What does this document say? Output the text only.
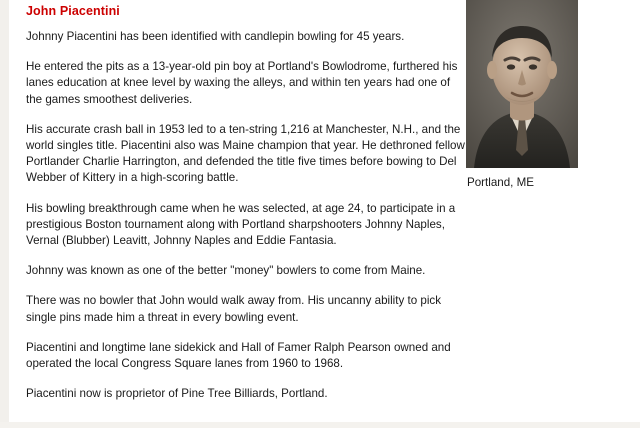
John Piacentini

Johnny Piacentini has been identified with candlepin bowling for 45 years.

He entered the pits as a 13-year-old pin boy at Portland's Bowlodrome, furthered his lanes education at knee level by waxing the alleys, and within ten years had one of the games smoothest deliveries.

His accurate crash ball in 1953 led to a ten-string 1,216 at Manchester, N.H., and the world singles title. Piacentini also was Maine champion that year. He dethroned fellow Portlander Charlie Harrington, and defended the title five times before bowing to Del Webber of Kittery in a high-scoring battle.

His bowling breakthrough came when he was selected, at age 24, to participate in a prestigious Boston tournament along with Portland sharpshooters Johnny Naples, Vernal (Blubber) Leavitt, Johnny Naples and Eddie Fantasia.

Johnny was known as one of the better "money" bowlers to come from Maine.

There was no bowler that John would walk away from. His uncanny ability to pick single pins made him a threat in every bowling event.

Piacentini and longtime lane sidekick and Hall of Famer Ralph Pearson owned and operated the local Congress Square lanes from 1960 to 1968.

Piacentini now is proprietor of Pine Tree Billiards, Portland.

Portland, ME
